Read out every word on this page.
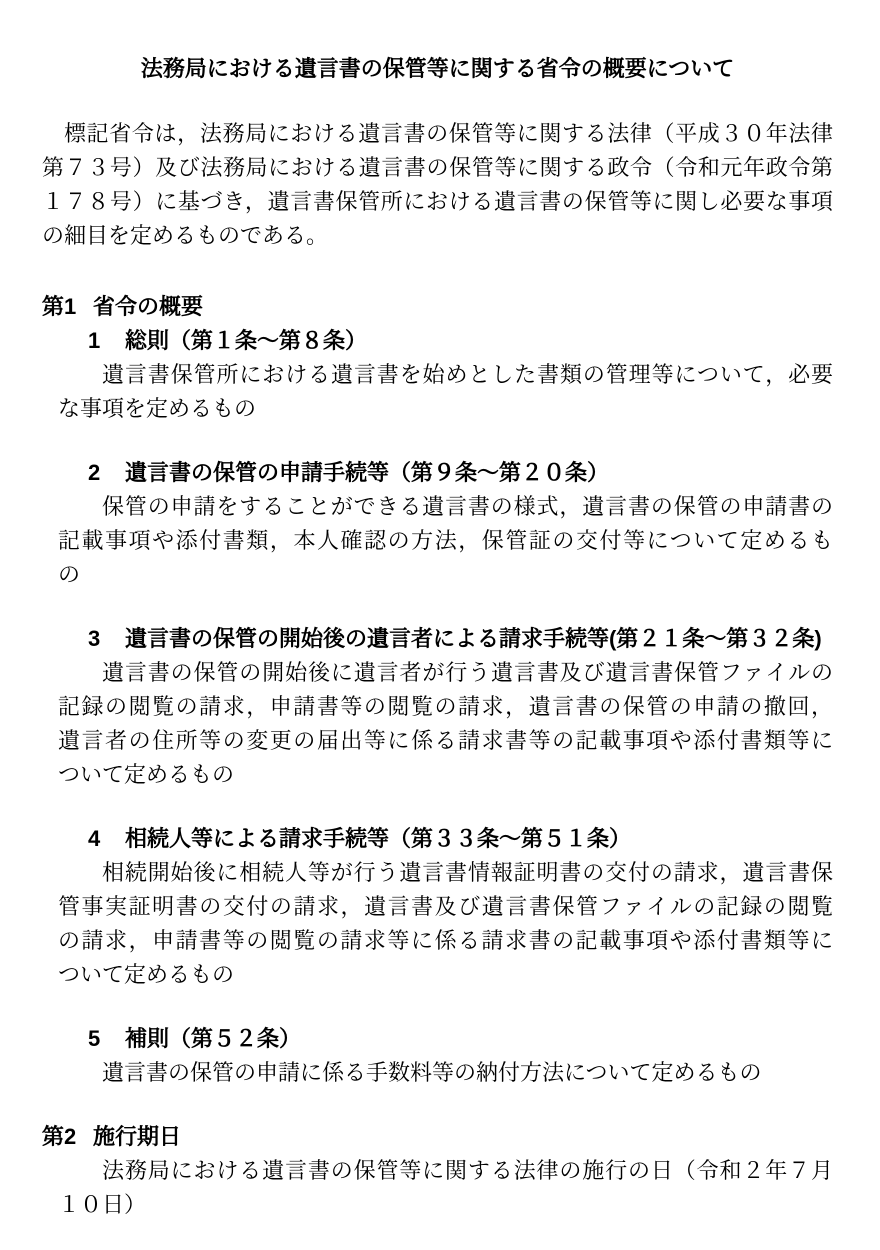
法務局における遺言書の保管等に関する省令の概要について
標記省令は，法務局における遺言書の保管等に関する法律（平成３０年法律
第７３号）及び法務局における遺言書の保管等に関する政令（令和元年政令第
１７８号）に基づき，遺言書保管所における遺言書の保管等に関し必要な事項
の細目を定めるものである。
第1 省令の概要
1	総則（第１条～第８条）
遺言書保管所における遺言書を始めとした書類の管理等について，必要
な事項を定めるもの
2	遺言書の保管の申請手続等（第９条～第２０条）
保管の申請をすることができる遺言書の様式，遺言書の保管の申請書の
記載事項や添付書類，本人確認の方法，保管証の交付等について定めるも
の
3	遺言書の保管の開始後の遺言者による請求手続等(第２１条～第３２条)
遺言書の保管の開始後に遺言者が行う遺言書及び遺言書保管ファイルの
記録の閲覧の請求，申請書等の閲覧の請求，遺言書の保管の申請の撤回，
遺言者の住所等の変更の届出等に係る請求書等の記載事項や添付書類等に
ついて定めるもの
4	相続人等による請求手続等（第３３条～第５１条）
相続開始後に相続人等が行う遺言書情報証明書の交付の請求，遺言書保
管事実証明書の交付の請求，遺言書及び遺言書保管ファイルの記録の閲覧
の請求，申請書等の閲覧の請求等に係る請求書の記載事項や添付書類等に
ついて定めるもの
5	補則（第５２条）
遺言書の保管の申請に係る手数料等の納付方法について定めるもの
第2 施行期日
法務局における遺言書の保管等に関する法律の施行の日（令和２年７月
１０日）
